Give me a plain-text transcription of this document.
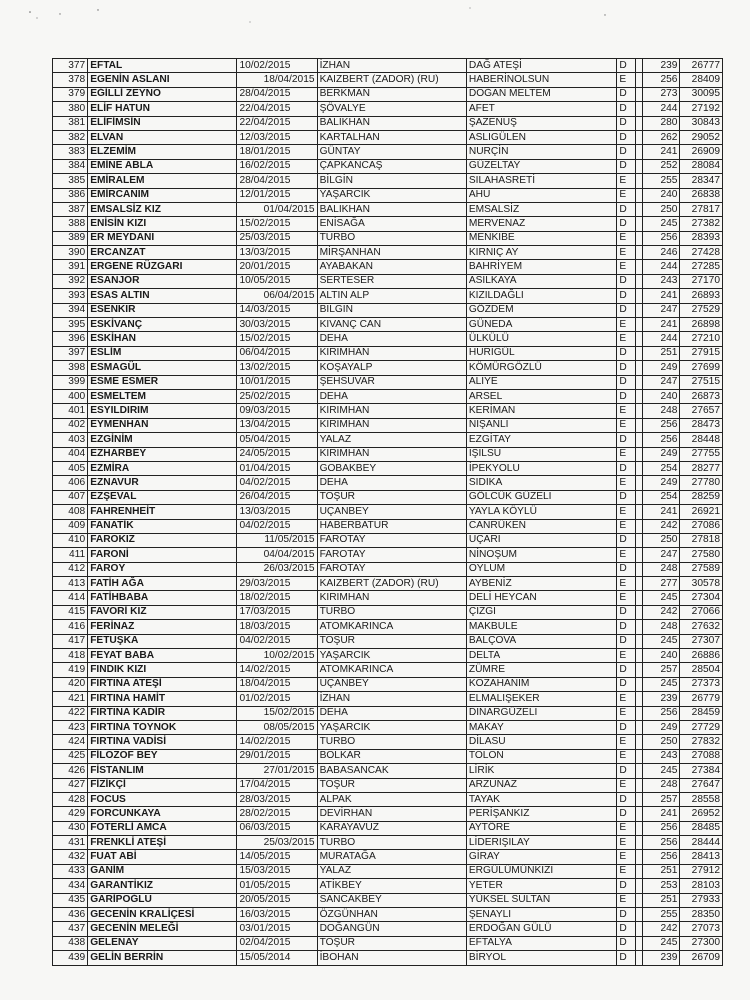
377	EFTAL	10/02/2015	İZHAN	DAĞ ATEŞİ	D		239	26777
378	EGENİN ASLANI	18/04/2015	KAIZBERT (ZADOR) (RU)	HABERİNOLSUN	E		256	28409
379	EĞİLLİ ZEYNO	28/04/2015	BERKMAN	DOĞAN MELTEM	D		273	30095
380	ELİF HATUN	22/04/2015	ŞÖVALYE	AFET	D		244	27192
381	ELİFİMSİN	22/04/2015	BALIKHAN	ŞAZENUŞ	D		280	30843
382	ELVAN	12/03/2015	KARTALHAN	ASLIGÜLEN	D		262	29052
383	ELZEMİM	18/01/2015	GÜNTAY	NURÇİN	D		241	26909
384	EMİNE ABLA	16/02/2015	ÇAPKANCAŞ	GÜZELTAY	D		252	28084
385	EMİRALEM	28/04/2015	BİLGİN	SILAHASRETİ	E		255	28347
386	EMİRCANIM	12/01/2015	YAŞARCIK	AHU	E		240	26838
387	EMSALSİZ KIZ	01/04/2015	BALIKHAN	EMSALSİZ	D		250	27817
388	ENİSİN KIZI	15/02/2015	ENİSAĞA	MERVENAZ	D		245	27382
389	ER MEYDANI	25/03/2015	TURBO	MENKİBE	E		256	28393
390	ERCANZAT	13/03/2015	MİRŞANHAN	KIRNIÇ AY	E		246	27428
391	ERGENE RÜZGARI	20/01/2015	AYABAKAN	BAHRİYEM	E		244	27285
392	ESANJÖR	10/05/2015	SERTESER	ASİLKAYA	D		243	27170
393	ESAS ALTIN	06/04/2015	ALTIN ALP	KIZILDAĞLI	D		241	26893
394	ESENKIR	14/03/2015	BİLGİN	GÖZDEM	D		247	27529
395	ESKİVANÇ	30/03/2015	KIVANÇ CAN	GÜNEDA	E		241	26898
396	ESKİHAN	15/02/2015	DEHA	ÜLKÜLÜ	E		244	27210
397	ESLİM	06/04/2015	KIRIMHAN	HURİGÜL	D		251	27915
398	ESMAGÜL	13/02/2015	KOŞAYALP	KÖMÜRGÖZLÜ	D		249	27699
399	ESME ESMER	10/01/2015	ŞEHSUVAR	ALİYE	D		247	27515
400	ESMELTEM	25/02/2015	DEHA	ARSEL	D		240	26873
401	ESYILDIRIM	09/03/2015	KIRIMHAN	KERİMAN	E		248	27657
402	EYMENHAN	13/04/2015	KIRIMHAN	NİŞANLI	E		256	28473
403	EZGİNİM	05/04/2015	YALAZ	EZGİTAY	D		256	28448
404	EZHARBEY	24/05/2015	KIRIMHAN	IŞILSU	E		249	27755
405	EZMİRA	01/04/2015	GOBAKBEY	İPEKYOLU	D		254	28277
406	EZNAVUR	04/02/2015	DEHA	SIDIKA	E		249	27780
407	EZŞEVAL	26/04/2015	TOŞUR	GÖLCÜK GÜZELİ	D		254	28259
408	FAHRENHEİT	13/03/2015	UÇANBEY	YAYLA KÖYLÜ	E		241	26921
409	FANATİK	04/02/2015	HABERBATUR	CANRÜKEN	E		242	27086
410	FAROKIZ	11/05/2015	FAROTAY	UÇARI	D		250	27818
411	FARONİ	04/04/2015	FAROTAY	NİNOŞUM	E		247	27580
412	FAROY	26/03/2015	FAROTAY	OYLUM	D		248	27589
413	FATİH AĞA	29/03/2015	KAIZBERT (ZADOR) (RU)	AYBENİZ	E		277	30578
414	FATİHBABA	18/02/2015	KIRIMHAN	DELİ HEYCAN	E		245	27304
415	FAVORİ KIZ	17/03/2015	TURBO	ÇİZGİ	D		242	27066
416	FERİNAZ	18/03/2015	ATOMKARINCA	MAKBULE	D		248	27632
417	FETUŞKA	04/02/2015	TOŞUR	BALÇOVA	D		245	27307
418	FEYAT BABA	10/02/2015	YAŞARCIK	DELTA	E		240	26886
419	FINDIK KIZI	14/02/2015	ATOMKARINCA	ZÜMRE	D		257	28504
420	FIRTINA ATEŞİ	18/04/2015	UÇANBEY	KOZAHANIM	D		245	27373
421	FIRTINA HAMİT	01/02/2015	İZHAN	ELMALIŞEKER	E		239	26779
422	FIRTINA KADİR	15/02/2015	DEHA	DİNARGÜZELİ	E		256	28459
423	FIRTINA TOYNOK	08/05/2015	YAŞARCIK	MAKAY	D		249	27729
424	FIRTINA VADİSİ	14/02/2015	TURBO	DİLASU	E		250	27832
425	FİLOZOF BEY	29/01/2015	BOLKAR	TOLON	E		243	27088
426	FİSTANLIM	27/01/2015	BABASANCAK	LİRİK	D		245	27384
427	FİZİKÇİ	17/04/2015	TOŞUR	ARZUNAZ	E		248	27647
428	FOCUS	28/03/2015	ALPAK	TAYAK	D		257	28558
429	FORCUNKAYA	28/02/2015	DEVİRHAN	PERİŞANKIZ	D		241	26952
430	FOTERLİ AMCA	06/03/2015	KARAYAVUZ	AYTÖRE	E		256	28485
431	FRENKLİ ATEŞİ	25/03/2015	TURBO	LİDERIŞILAY	E		256	28444
432	FUAT ABİ	14/05/2015	MURATAĞA	GİRAY	E		256	28413
433	GANİM	15/03/2015	YALAZ	ERGÜLÜMÜNKIZI	E		251	27912
434	GARANTİKIZ	01/05/2015	ATİKBEY	YETER	D		253	28103
435	GARİPOĞLU	20/05/2015	SANCAKBEY	YÜKSEL SULTAN	E		251	27933
436	GECENİN KRALİÇESİ	16/03/2015	ÖZGÜNHAN	ŞENAYLI	D		255	28350
437	GECENİN MELEĞİ	03/01/2015	DOĞANGÜN	ERDOĞAN GÜLÜ	D		242	27073
438	GELENAY	02/04/2015	TOŞUR	EFTALYA	D		245	27300
439	GELİN BERRİN	15/05/2014	İBOHAN	BİRYOL	D		239	26709
